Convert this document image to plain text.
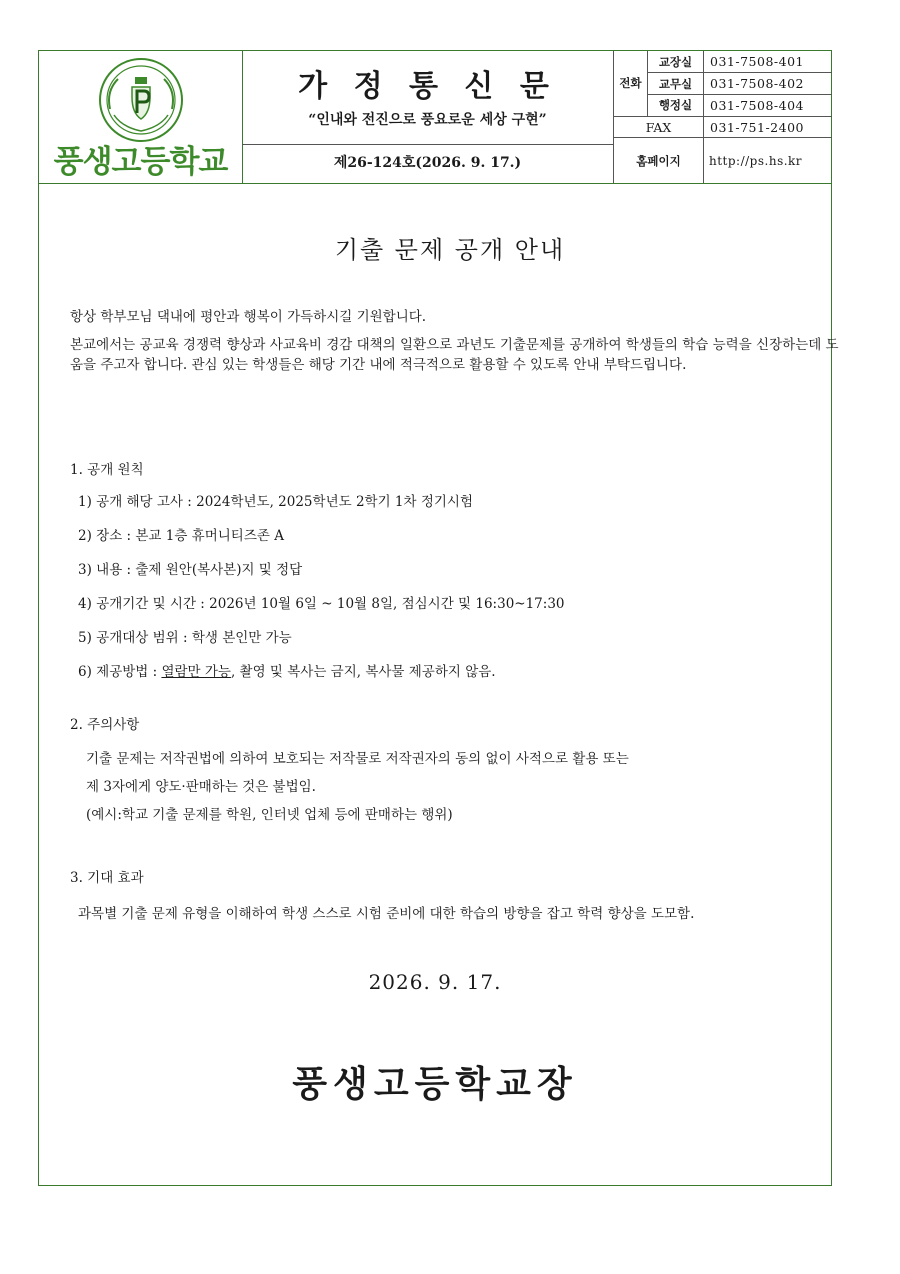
풍생고등학교
가 정 통 신 문
“인내와 전진으로 풍요로운 세상 구현”
제26-124호(2026. 9. 17.)
전화	교장실	031-7508-401
	교무실	031-7508-402
	행정실	031-7508-404
FAX		031-751-2400
홈페이지		http://ps.hs.kr
기출 문제 공개 안내

항상 학부모님 댁내에 평안과 행복이 가득하시길 기원합니다.

본교에서는 공교육 경쟁력 향상과 사교육비 경감 대책의 일환으로 과년도 기출문제를 공개하여 학생들의 학습 능력을 신장하는데 도움을 주고자 합니다. 관심 있는 학생들은 해당 기간 내에 적극적으로 활용할 수 있도록 안내 부탁드립니다.

1. 공개 원칙
1) 공개 해당 고사 : 2024학년도, 2025학년도 2학기 1차 정기시험
2) 장소 : 본교 1층 휴머니티즈존 A
3) 내용 : 출제 원안(복사본)지 및 정답
4) 공개기간 및 시간 : 2026년 10월 6일 ~ 10월 8일, 점심시간 및 16:30~17:30
5) 공개대상 범위 : 학생 본인만 가능
6) 제공방법 : 열람만 가능, 촬영 및 복사는 금지, 복사물 제공하지 않음.
2. 주의사항
기출 문제는 저작권법에 의하여 보호되는 저작물로 저작권자의 동의 없이 사적으로 활용 또는
제 3자에게 양도·판매하는 것은 불법임.
(예시:학교 기출 문제를 학원, 인터넷 업체 등에 판매하는 행위)
3. 기대 효과
과목별 기출 문제 유형을 이해하여 학생 스스로 시험 준비에 대한 학습의 방향을 잡고 학력 향상을 도모함.
2026. 9. 17.
풍생고등학교장
